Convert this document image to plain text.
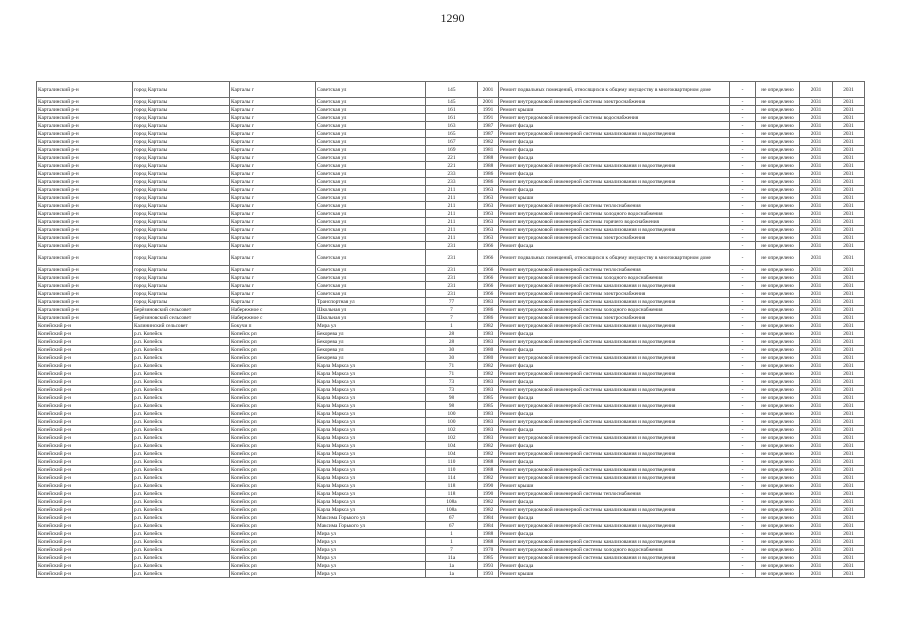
1290
Карталинский р-н	город Карталы	Карталы г	Советская ул	145	2001	Ремонт подвальных помещений, относящихся к общему имуществу в многоквартирном доме	-	не определено	2031	2031
Карталинский р-н	город Карталы	Карталы г	Советская ул	145	2001	Ремонт внутридомовой инженерной системы электроснабжения	-	не определено	2031	2031
Карталинский р-н	город Карталы	Карталы г	Советская ул	161	1991	Ремонт крыши	-	не определено	2031	2031
Карталинский р-н	город Карталы	Карталы г	Советская ул	161	1991	Ремонт внутридомовой инженерной системы водоснабжения	-	не определено	2031	2031
Карталинский р-н	город Карталы	Карталы г	Советская ул	163	1987	Ремонт фасада	-	не определено	2031	2031
Карталинский р-н	город Карталы	Карталы г	Советская ул	165	1987	Ремонт внутридомовой инженерной системы канализования и водоотведения	-	не определено	2031	2031
Карталинский р-н	город Карталы	Карталы г	Советская ул	167	1982	Ремонт фасада	-	не определено	2031	2031
Карталинский р-н	город Карталы	Карталы г	Советская ул	169	1981	Ремонт фасада	-	не определено	2031	2031
Карталинский р-н	город Карталы	Карталы г	Советская ул	221	1988	Ремонт фасада	-	не определено	2031	2031
Карталинский р-н	город Карталы	Карталы г	Советская ул	221	1988	Ремонт внутридомовой инженерной системы канализования и водоотведения	-	не определено	2031	2031
Карталинский р-н	город Карталы	Карталы г	Советская ул	233	1986	Ремонт фасада	-	не определено	2031	2031
Карталинский р-н	город Карталы	Карталы г	Советская ул	233	1986	Ремонт внутридомовой инженерной системы канализования и водоотведения	-	не определено	2031	2031
Карталинский р-н	город Карталы	Карталы г	Советская ул	211	1963	Ремонт фасада	-	не определено	2031	2031
Карталинский р-н	город Карталы	Карталы г	Советская ул	211	1963	Ремонт крыши	-	не определено	2031	2031
Карталинский р-н	город Карталы	Карталы г	Советская ул	211	1963	Ремонт внутридомовой инженерной системы теплоснабжения	-	не определено	2031	2031
Карталинский р-н	город Карталы	Карталы г	Советская ул	211	1963	Ремонт внутридомовой инженерной системы холодного водоснабжения	-	не определено	2031	2031
Карталинский р-н	город Карталы	Карталы г	Советская ул	211	1963	Ремонт внутридомовой инженерной системы горячего водоснабжения	-	не определено	2031	2031
Карталинский р-н	город Карталы	Карталы г	Советская ул	211	1963	Ремонт внутридомовой инженерной системы канализования и водоотведения	-	не определено	2031	2031
Карталинский р-н	город Карталы	Карталы г	Советская ул	211	1963	Ремонт внутридомовой инженерной системы электроснабжения	-	не определено	2031	2031
Карталинский р-н	город Карталы	Карталы г	Советская ул	231	1966	Ремонт фасада	-	не определено	2031	2031
Карталинский р-н	город Карталы	Карталы г	Советская ул	231	1966	Ремонт подвальных помещений, относящихся к общему имуществу в многоквартирном доме	-	не определено	2031	2031
Карталинский р-н	город Карталы	Карталы г	Советская ул	231	1966	Ремонт внутридомовой инженерной системы теплоснабжения	-	не определено	2031	2031
Карталинский р-н	город Карталы	Карталы г	Советская ул	231	1966	Ремонт внутридомовой инженерной системы холодного водоснабжения	-	не определено	2031	2031
Карталинский р-н	город Карталы	Карталы г	Советская ул	231	1966	Ремонт внутридомовой инженерной системы канализования и водоотведения	-	не определено	2031	2031
Карталинский р-н	город Карталы	Карталы г	Советская ул	231	1966	Ремонт внутридомовой инженерной системы электроснабжения	-	не определено	2031	2031
Карталинский р-н	город Карталы	Карталы г	Транспортная ул	77	1983	Ремонт внутридомовой инженерной системы канализования и водоотведения	-	не определено	2031	2031
Карталинский р-н	Берёзиновский сельсовет	Набережное с	Школьная ул	7	1986	Ремонт внутридомовой инженерной системы холодного водоснабжения	-	не определено	2031	2031
Карталинский р-н	Берёзиновский сельсовет	Набережное с	Школьная ул	7	1986	Ремонт внутридомовой инженерной системы электроснабжения	-	не определено	2031	2031
Копейский р-н	Калининский сельсовет	Бокучи п	Мира ул	1	1982	Ремонт внутридомовой инженерной системы канализования и водоотведения	-	не определено	2031	2031
Копейский р-н	р.п. Копейск	Копейск рп	Бекорева ул	28	1983	Ремонт фасада	-	не определено	2031	2031
Копейский р-н	р.п. Копейск	Копейск рп	Бекорева ул	28	1983	Ремонт внутридомовой инженерной системы канализования и водоотведения	-	не определено	2031	2031
Копейский р-н	р.п. Копейск	Копейск рп	Бекорева ул	30	1980	Ремонт фасада	-	не определено	2031	2031
Копейский р-н	р.п. Копейск	Копейск рп	Бекорева ул	30	1980	Ремонт внутридомовой инженерной системы канализования и водоотведения	-	не определено	2031	2031
Копейский р-н	р.п. Копейск	Копейск рп	Карла Маркса ул	71	1982	Ремонт фасада	-	не определено	2031	2031
Копейский р-н	р.п. Копейск	Копейск рп	Карла Маркса ул	71	1982	Ремонт внутридомовой инженерной системы канализования и водоотведения	-	не определено	2031	2031
Копейский р-н	р.п. Копейск	Копейск рп	Карла Маркса ул	73	1983	Ремонт фасада	-	не определено	2031	2031
Копейский р-н	р.п. Копейск	Копейск рп	Карла Маркса ул	73	1983	Ремонт внутридомовой инженерной системы канализования и водоотведения	-	не определено	2031	2031
Копейский р-н	р.п. Копейск	Копейск рп	Карла Маркса ул	98	1985	Ремонт фасада	-	не определено	2031	2031
Копейский р-н	р.п. Копейск	Копейск рп	Карла Маркса ул	98	1985	Ремонт внутридомовой инженерной системы канализования и водоотведения	-	не определено	2031	2031
Копейский р-н	р.п. Копейск	Копейск рп	Карла Маркса ул	100	1983	Ремонт фасада	-	не определено	2031	2031
Копейский р-н	р.п. Копейск	Копейск рп	Карла Маркса ул	100	1983	Ремонт внутридомовой инженерной системы канализования и водоотведения	-	не определено	2031	2031
Копейский р-н	р.п. Копейск	Копейск рп	Карла Маркса ул	102	1983	Ремонт фасада	-	не определено	2031	2031
Копейский р-н	р.п. Копейск	Копейск рп	Карла Маркса ул	102	1983	Ремонт внутридомовой инженерной системы канализования и водоотведения	-	не определено	2031	2031
Копейский р-н	р.п. Копейск	Копейск рп	Карла Маркса ул	104	1982	Ремонт фасада	-	не определено	2031	2031
Копейский р-н	р.п. Копейск	Копейск рп	Карла Маркса ул	104	1982	Ремонт внутридомовой инженерной системы канализования и водоотведения	-	не определено	2031	2031
Копейский р-н	р.п. Копейск	Копейск рп	Карла Маркса ул	110	1988	Ремонт фасада	-	не определено	2031	2031
Копейский р-н	р.п. Копейск	Копейск рп	Карла Маркса ул	110	1988	Ремонт внутридомовой инженерной системы канализования и водоотведения	-	не определено	2031	2031
Копейский р-н	р.п. Копейск	Копейск рп	Карла Маркса ул	114	1982	Ремонт внутридомовой инженерной системы канализования и водоотведения	-	не определено	2031	2031
Копейский р-н	р.п. Копейск	Копейск рп	Карла Маркса ул	118	1990	Ремонт крыши	-	не определено	2031	2031
Копейский р-н	р.п. Копейск	Копейск рп	Карла Маркса ул	118	1990	Ремонт внутридомовой инженерной системы теплоснабжения	-	не определено	2031	2031
Копейский р-н	р.п. Копейск	Копейск рп	Карла Маркса ул	108а	1982	Ремонт фасада	-	не определено	2031	2031
Копейский р-н	р.п. Копейск	Копейск рп	Карла Маркса ул	108а	1982	Ремонт внутридомовой инженерной системы канализования и водоотведения	-	не определено	2031	2031
Копейский р-н	р.п. Копейск	Копейск рп	Максима Горького ул	67	1984	Ремонт фасада	-	не определено	2031	2031
Копейский р-н	р.п. Копейск	Копейск рп	Максима Горького ул	67	1984	Ремонт внутридомовой инженерной системы канализования и водоотведения	-	не определено	2031	2031
Копейский р-н	р.п. Копейск	Копейск рп	Мира ул	1	1988	Ремонт фасада	-	не определено	2031	2031
Копейский р-н	р.п. Копейск	Копейск рп	Мира ул	1	1988	Ремонт внутридомовой инженерной системы канализования и водоотведения	-	не определено	2031	2031
Копейский р-н	р.п. Копейск	Копейск рп	Мира ул	7	1970	Ремонт внутридомовой инженерной системы холодного водоснабжения	-	не определено	2031	2031
Копейский р-н	р.п. Копейск	Копейск рп	Мира ул	11а	1985	Ремонт внутридомовой инженерной системы канализования и водоотведения	-	не определено	2031	2031
Копейский р-н	р.п. Копейск	Копейск рп	Мира ул	1а	1993	Ремонт фасада	-	не определено	2031	2031
Копейский р-н	р.п. Копейск	Копейск рп	Мира ул	1а	1993	Ремонт крыши	-	не определено	2031	2031
